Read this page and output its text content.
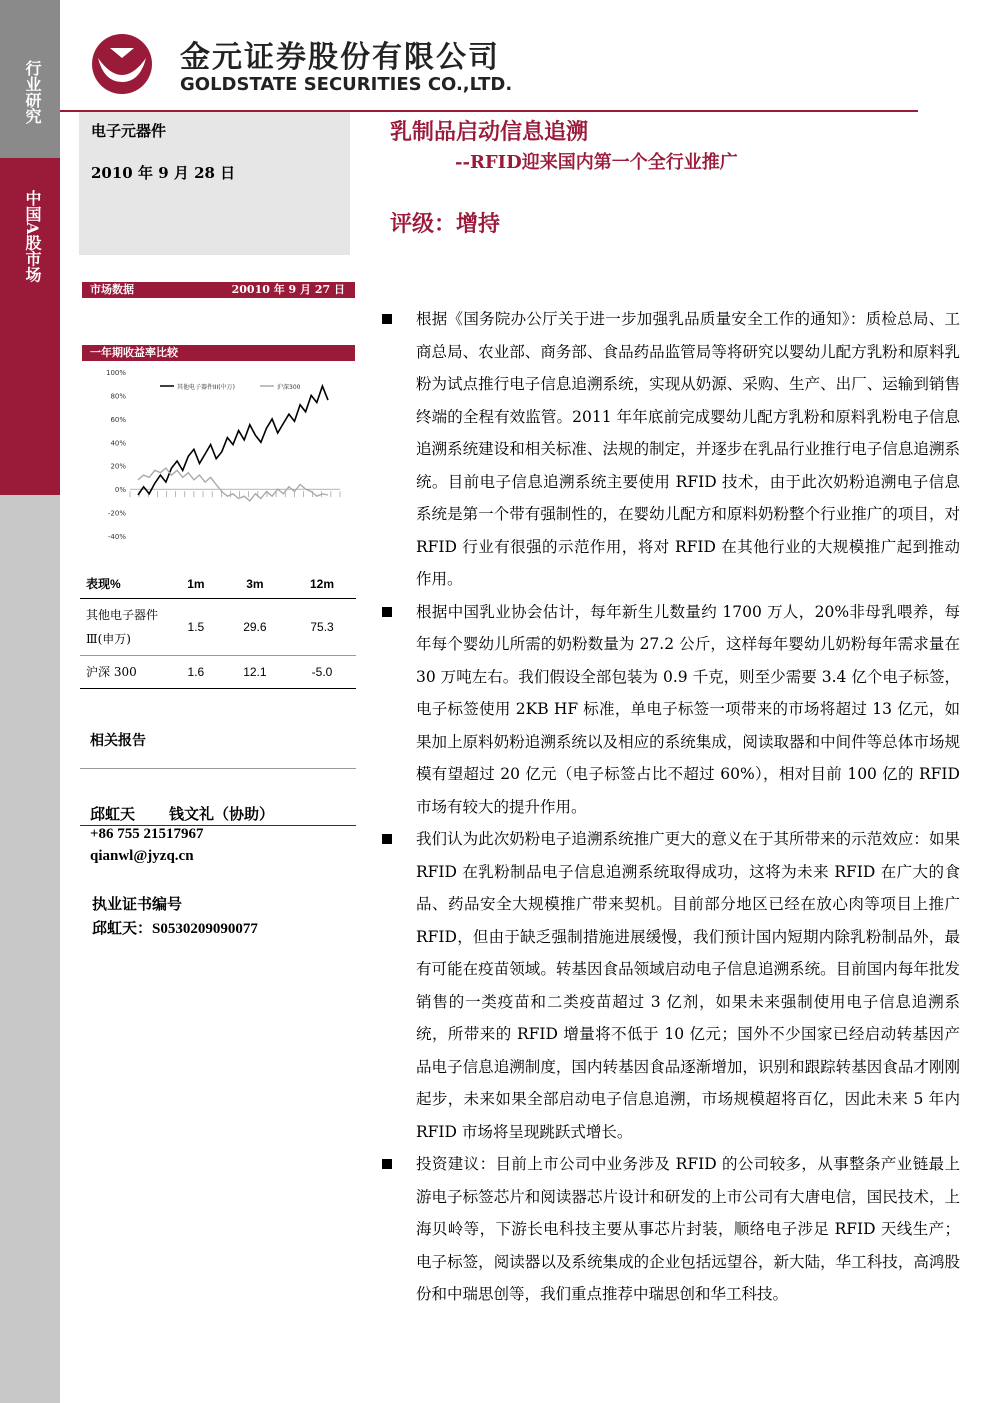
行业研究
中国A股市场
金元证券股份有限公司
GOLDSTATE SECURITIES CO.,LTD.
电子元器件
2010 年 9 月 28 日
乳制品启动信息追溯
--RFID迎来国内第一个全行业推广
评级：增持
市场数据	20010 年 9 月 27 日
一年期收益率比较
100%
80%
60%
40%
20%
0%
-20%
-40%
其他电子器件III(中万)	沪深300
表现%	1m	3m	12m
其他电子器件Ⅲ(申万)	1.5	29.6	75.3
沪深 300	1.6	12.1	-5.0
相关报告
邱虹天 钱文礼（协助）
+86 755 21517967
qianwl@jyzq.cn
执业证书编号
邱虹天：S0530209090077
根据《国务院办公厅关于进一步加强乳品质量安全工作的通知》：质检总局、工商总局、农业部、商务部、食品药品监管局等将研究以婴幼儿配方乳粉和原料乳粉为试点推行电子信息追溯系统，实现从奶源、采购、生产、出厂、运输到销售终端的全程有效监管。2011 年年底前完成婴幼儿配方乳粉和原料乳粉电子信息追溯系统建设和相关标准、法规的制定，并逐步在乳品行业推行电子信息追溯系统。目前电子信息追溯系统主要使用 RFID 技术，由于此次奶粉追溯电子信息系统是第一个带有强制性的，在婴幼儿配方和原料奶粉整个行业推广的项目，对 RFID 行业有很强的示范作用，将对 RFID 在其他行业的大规模推广起到推动作用。
根据中国乳业协会估计，每年新生儿数量约 1700 万人，20%非母乳喂养，每年每个婴幼儿所需的奶粉数量为 27.2 公斤，这样每年婴幼儿奶粉每年需求量在 30 万吨左右。我们假设全部包装为 0.9 千克，则至少需要 3.4 亿个电子标签，电子标签使用 2KB HF 标准，单电子标签一项带来的市场将超过 13 亿元，如果加上原料奶粉追溯系统以及相应的系统集成，阅读取器和中间件等总体市场规模有望超过 20 亿元（电子标签占比不超过 60%），相对目前 100 亿的 RFID 市场有较大的提升作用。
我们认为此次奶粉电子追溯系统推广更大的意义在于其所带来的示范效应：如果 RFID 在乳粉制品电子信息追溯系统取得成功，这将为未来 RFID 在广大的食品、药品安全大规模推广带来契机。目前部分地区已经在放心肉等项目上推广 RFID，但由于缺乏强制措施进展缓慢，我们预计国内短期内除乳粉制品外，最有可能在疫苗领域。转基因食品领域启动电子信息追溯系统。目前国内每年批发销售的一类疫苗和二类疫苗超过 3 亿剂，如果未来强制使用电子信息追溯系统，所带来的 RFID 增量将不低于 10 亿元；国外不少国家已经启动转基因产品电子信息追溯制度，国内转基因食品逐渐增加，识别和跟踪转基因食品才刚刚起步，未来如果全部启动电子信息追溯，市场规模超将百亿，因此未来 5 年内 RFID 市场将呈现跳跃式增长。
投资建议：目前上市公司中业务涉及 RFID 的公司较多，从事整条产业链最上游电子标签芯片和阅读器芯片设计和研发的上市公司有大唐电信，国民技术，上海贝岭等，下游长电科技主要从事芯片封装，顺络电子涉足 RFID 天线生产；电子标签，阅读器以及系统集成的企业包括远望谷，新大陆，华工科技，高鸿股份和中瑞思创等，我们重点推荐中瑞思创和华工科技。
